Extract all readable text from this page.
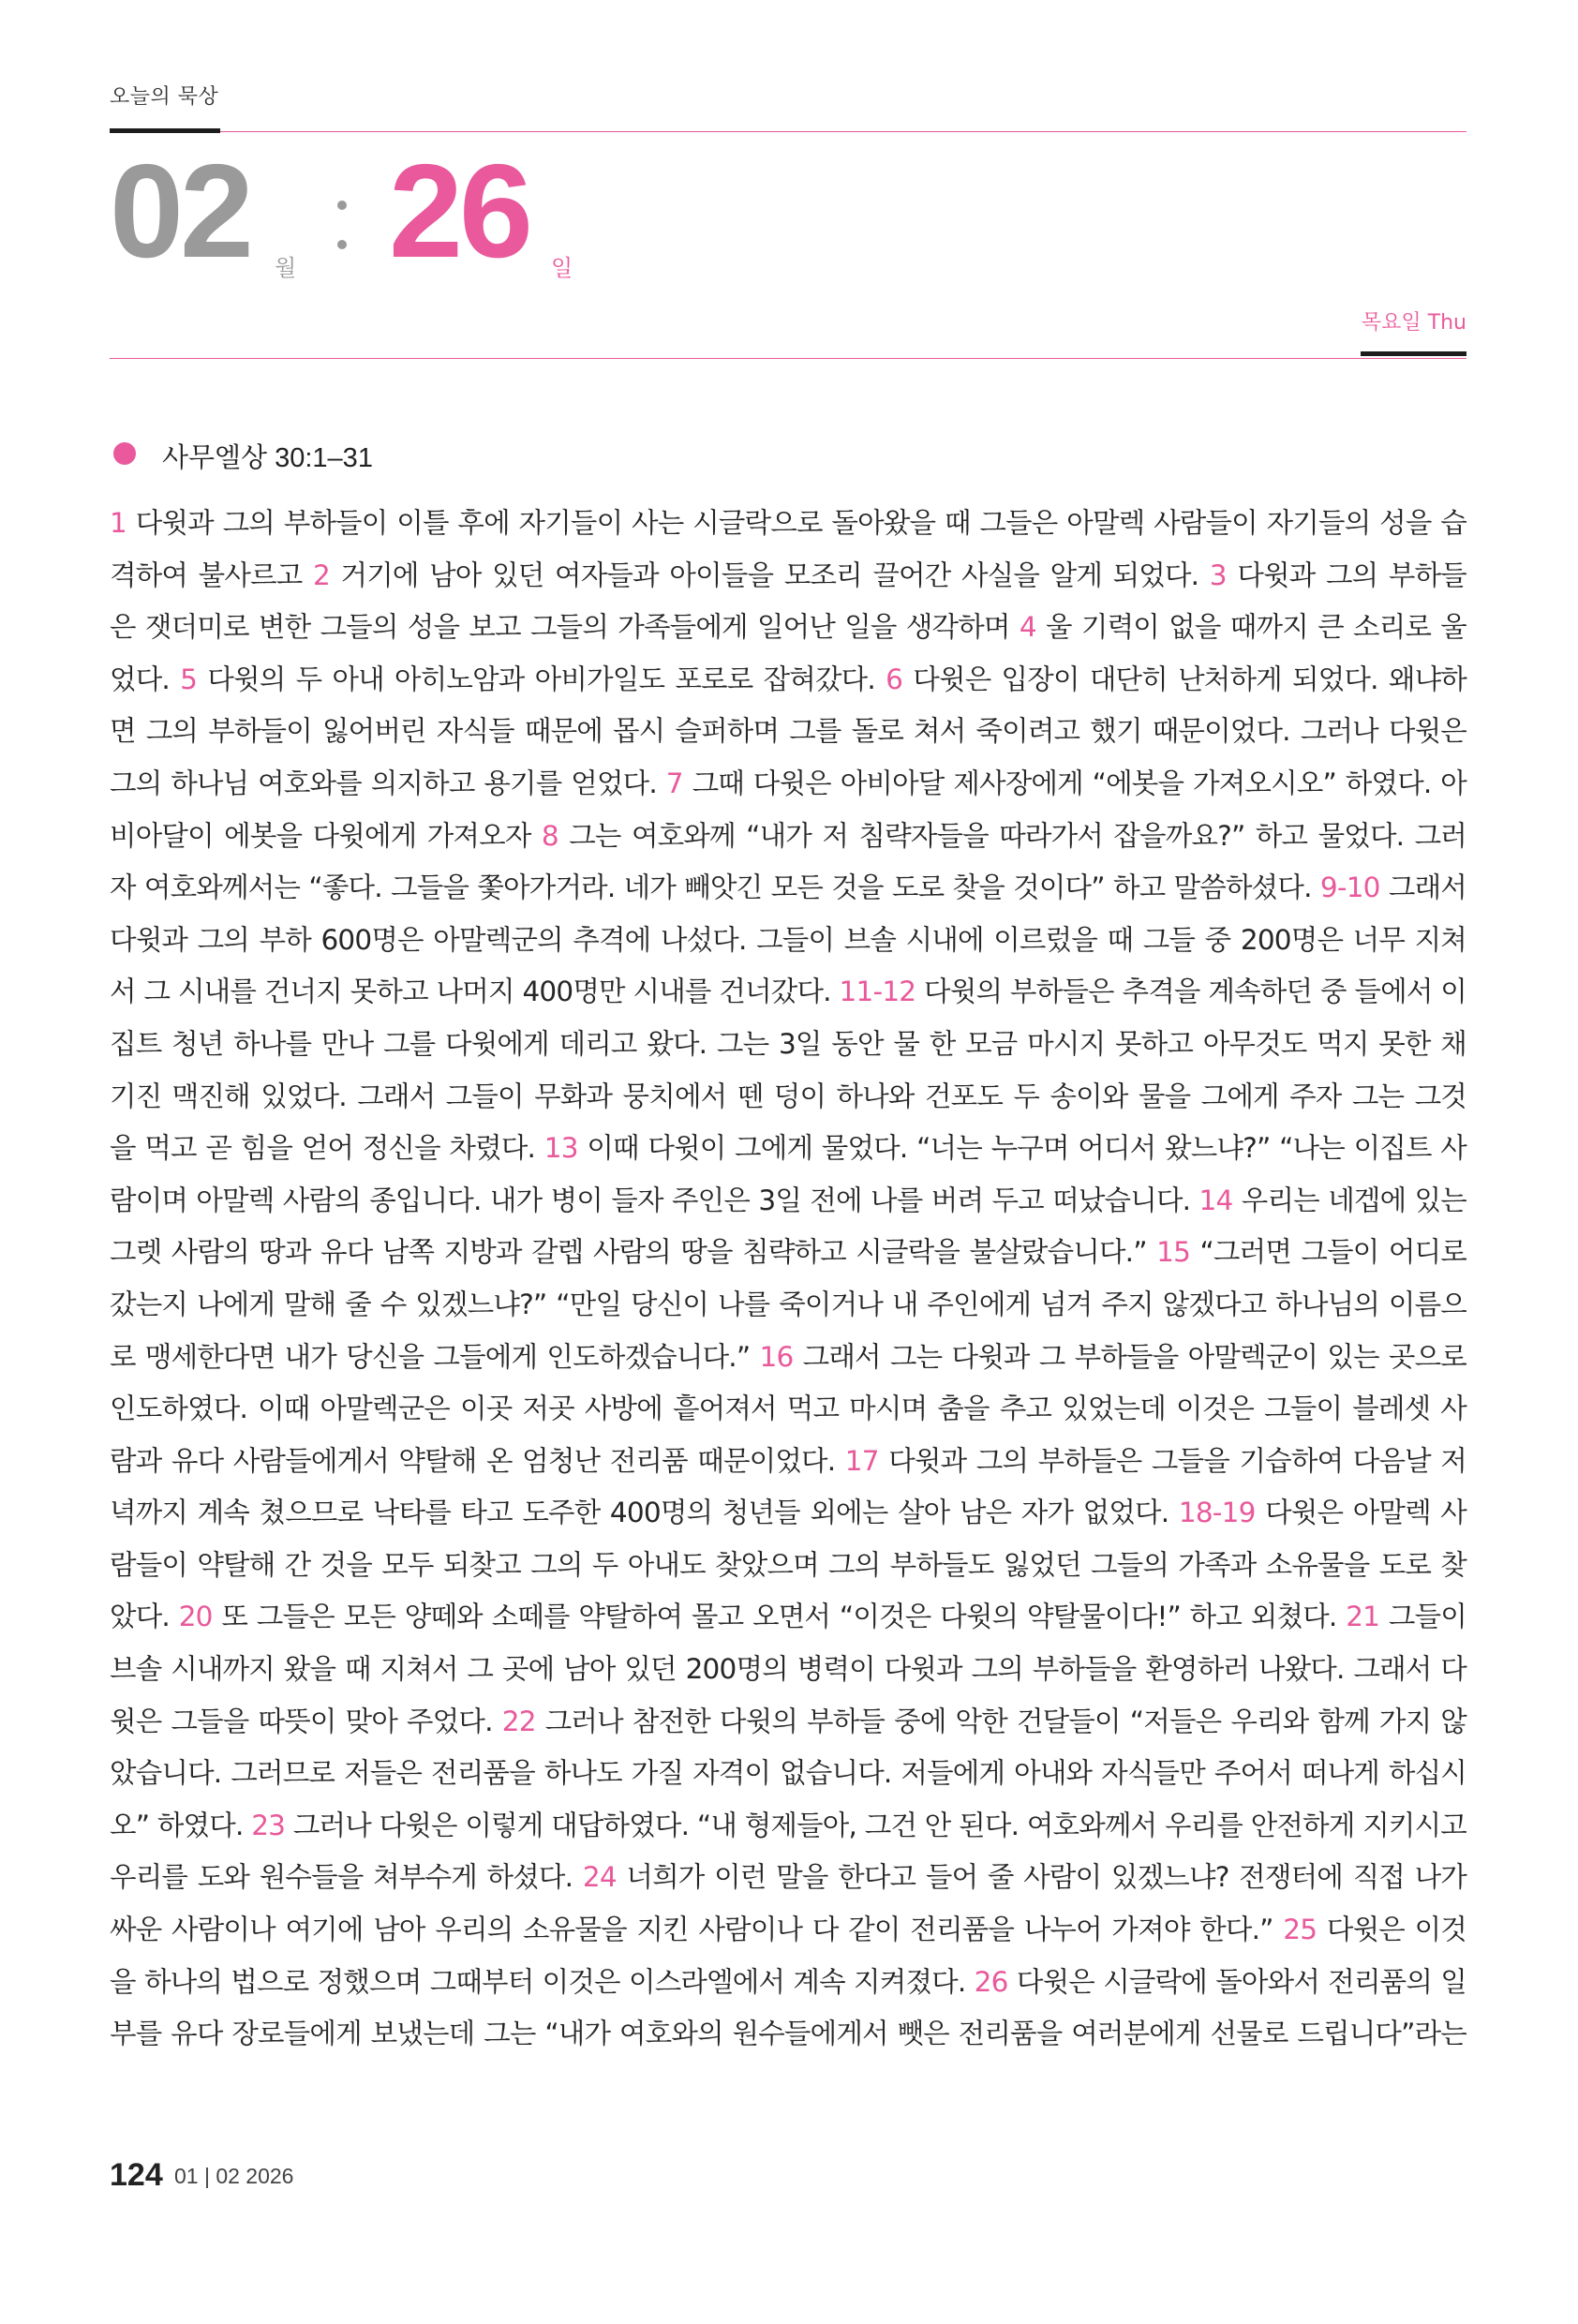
오늘의 묵상
02 월 26 일
목요일 Thu
사무엘상 30:1–31
1 다윗과 그의 부하들이 이틀 후에 자기들이 사는 시글락으로 돌아왔을 때 그들은 아말렉 사람들이 자기들의 성을 습
격하여 불사르고 2 거기에 남아 있던 여자들과 아이들을 모조리 끌어간 사실을 알게 되었다. 3 다윗과 그의 부하들
은 잿더미로 변한 그들의 성을 보고 그들의 가족들에게 일어난 일을 생각하며 4 울 기력이 없을 때까지 큰 소리로 울
었다. 5 다윗의 두 아내 아히노암과 아비가일도 포로로 잡혀갔다. 6 다윗은 입장이 대단히 난처하게 되었다. 왜냐하
면 그의 부하들이 잃어버린 자식들 때문에 몹시 슬퍼하며 그를 돌로 쳐서 죽이려고 했기 때문이었다. 그러나 다윗은
그의 하나님 여호와를 의지하고 용기를 얻었다. 7 그때 다윗은 아비아달 제사장에게 “에봇을 가져오시오” 하였다. 아
비아달이 에봇을 다윗에게 가져오자 8 그는 여호와께 “내가 저 침략자들을 따라가서 잡을까요?” 하고 물었다. 그러
자 여호와께서는 “좋다. 그들을 쫓아가거라. 네가 빼앗긴 모든 것을 도로 찾을 것이다” 하고 말씀하셨다. 9-10 그래서
다윗과 그의 부하 600명은 아말렉군의 추격에 나섰다. 그들이 브솔 시내에 이르렀을 때 그들 중 200명은 너무 지쳐
서 그 시내를 건너지 못하고 나머지 400명만 시내를 건너갔다. 11-12 다윗의 부하들은 추격을 계속하던 중 들에서 이
집트 청년 하나를 만나 그를 다윗에게 데리고 왔다. 그는 3일 동안 물 한 모금 마시지 못하고 아무것도 먹지 못한 채
기진 맥진해 있었다. 그래서 그들이 무화과 뭉치에서 뗀 덩이 하나와 건포도 두 송이와 물을 그에게 주자 그는 그것
을 먹고 곧 힘을 얻어 정신을 차렸다. 13 이때 다윗이 그에게 물었다. “너는 누구며 어디서 왔느냐?” “나는 이집트 사
람이며 아말렉 사람의 종입니다. 내가 병이 들자 주인은 3일 전에 나를 버려 두고 떠났습니다. 14 우리는 네겝에 있는
그렛 사람의 땅과 유다 남쪽 지방과 갈렙 사람의 땅을 침략하고 시글락을 불살랐습니다.” 15 “그러면 그들이 어디로
갔는지 나에게 말해 줄 수 있겠느냐?” “만일 당신이 나를 죽이거나 내 주인에게 넘겨 주지 않겠다고 하나님의 이름으
로 맹세한다면 내가 당신을 그들에게 인도하겠습니다.” 16 그래서 그는 다윗과 그 부하들을 아말렉군이 있는 곳으로
인도하였다. 이때 아말렉군은 이곳 저곳 사방에 흩어져서 먹고 마시며 춤을 추고 있었는데 이것은 그들이 블레셋 사
람과 유다 사람들에게서 약탈해 온 엄청난 전리품 때문이었다. 17 다윗과 그의 부하들은 그들을 기습하여 다음날 저
녁까지 계속 쳤으므로 낙타를 타고 도주한 400명의 청년들 외에는 살아 남은 자가 없었다. 18-19 다윗은 아말렉 사
람들이 약탈해 간 것을 모두 되찾고 그의 두 아내도 찾았으며 그의 부하들도 잃었던 그들의 가족과 소유물을 도로 찾
았다. 20 또 그들은 모든 양떼와 소떼를 약탈하여 몰고 오면서 “이것은 다윗의 약탈물이다!” 하고 외쳤다. 21 그들이
브솔 시내까지 왔을 때 지쳐서 그 곳에 남아 있던 200명의 병력이 다윗과 그의 부하들을 환영하러 나왔다. 그래서 다
윗은 그들을 따뜻이 맞아 주었다. 22 그러나 참전한 다윗의 부하들 중에 악한 건달들이 “저들은 우리와 함께 가지 않
았습니다. 그러므로 저들은 전리품을 하나도 가질 자격이 없습니다. 저들에게 아내와 자식들만 주어서 떠나게 하십시
오” 하였다. 23 그러나 다윗은 이렇게 대답하였다. “내 형제들아, 그건 안 된다. 여호와께서 우리를 안전하게 지키시고
우리를 도와 원수들을 쳐부수게 하셨다. 24 너희가 이런 말을 한다고 들어 줄 사람이 있겠느냐? 전쟁터에 직접 나가
싸운 사람이나 여기에 남아 우리의 소유물을 지킨 사람이나 다 같이 전리품을 나누어 가져야 한다.” 25 다윗은 이것
을 하나의 법으로 정했으며 그때부터 이것은 이스라엘에서 계속 지켜졌다. 26 다윗은 시글락에 돌아와서 전리품의 일
부를 유다 장로들에게 보냈는데 그는 “내가 여호와의 원수들에게서 뺏은 전리품을 여러분에게 선물로 드립니다”라는
124 01 | 02 2026
